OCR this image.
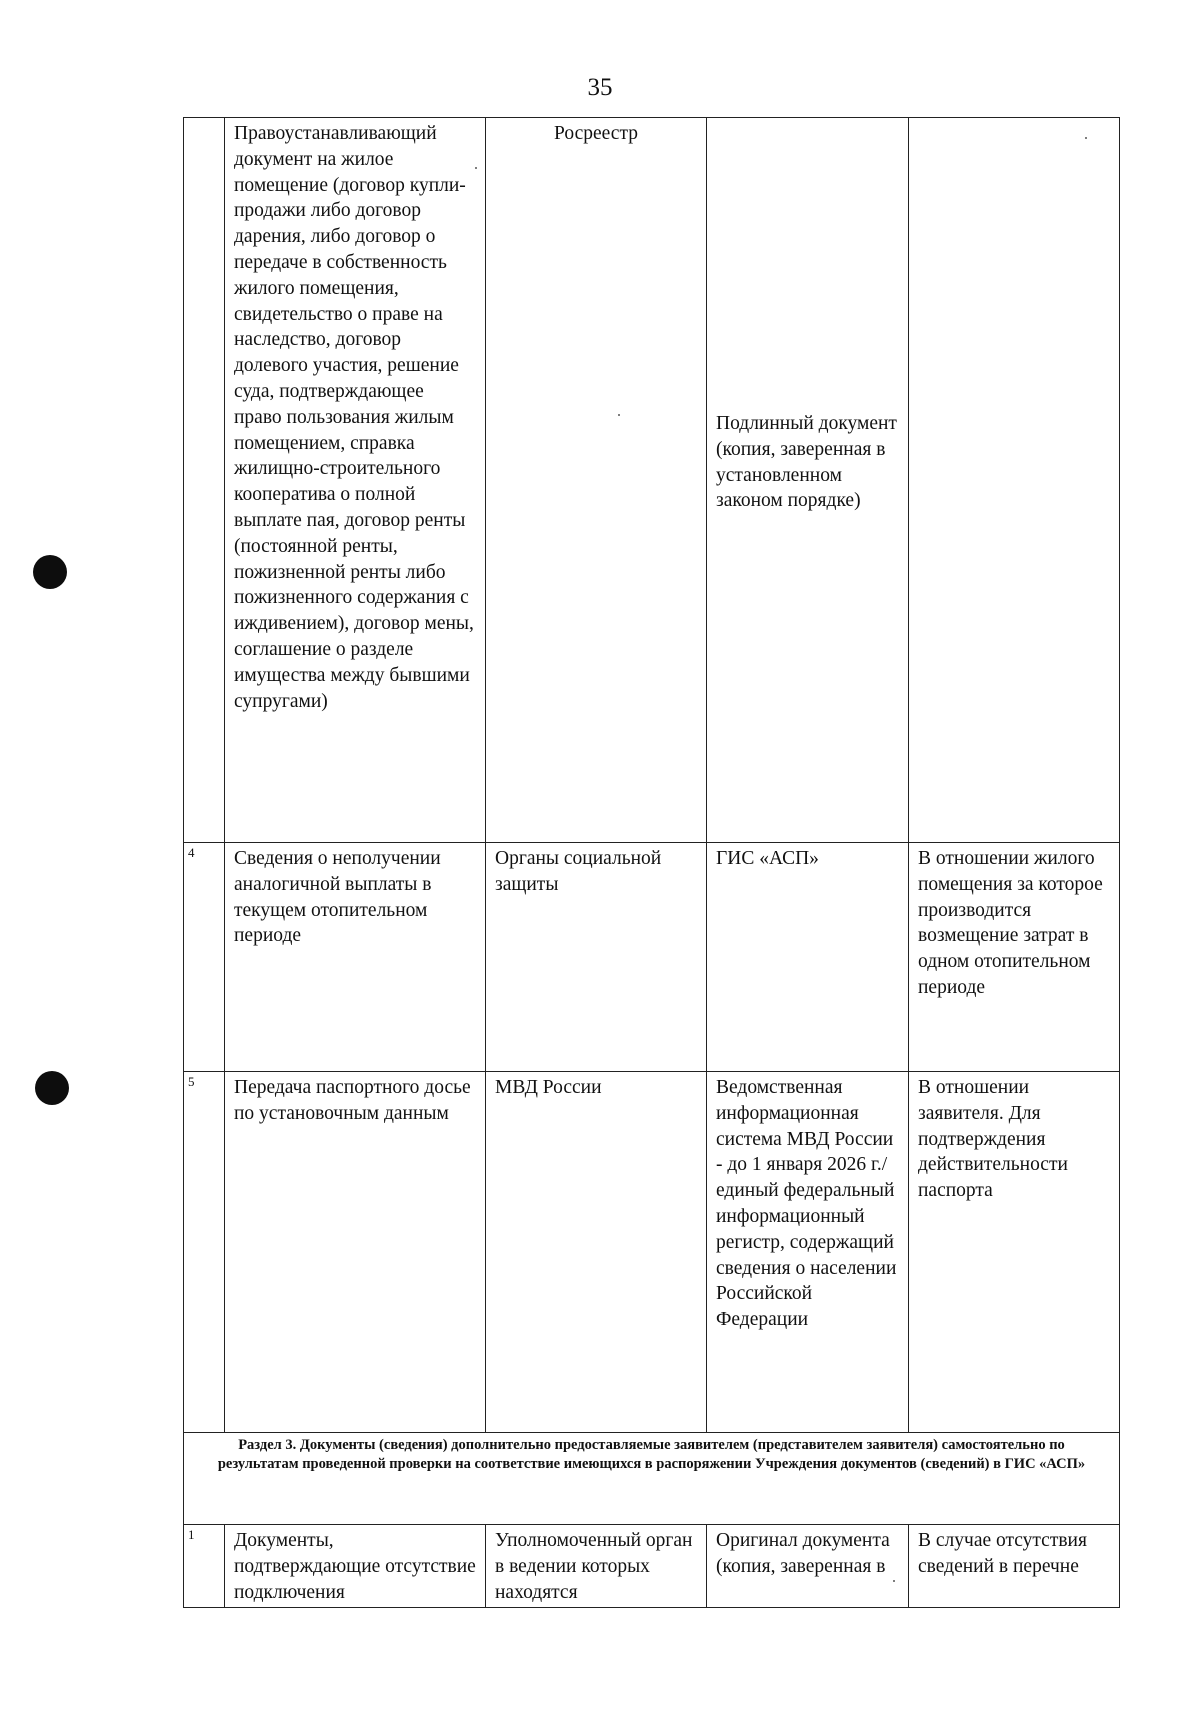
35
	Правоустанавливающий документ на жилое помещение (договор купли-продажи либо договор дарения, либо договор о передаче в собственность жилого помещения, свидетельство о праве на наследство, договор долевого участия, решение суда, подтверждающее право пользования жилым помещением, справка жилищно-строительного кооператива о полной выплате пая, договор ренты (постоянной ренты, пожизненной ренты либо пожизненного содержания с иждивением), договор мены, соглашение о разделе имущества между бывшими супругами)	Росреестр	Подлинный документ (копия, заверенная в установленном законом порядке)	

4	Сведения о неполучении аналогичной выплаты в текущем отопительном периоде	Органы социальной защиты	ГИС «АСП»	В отношении жилого помещения за которое производится возмещение затрат в одном отопительном периоде
5	Передача паспортного досье по установочным данным	МВД России	Ведомственная информационная система МВД России - до 1 января 2026 г./единый федеральный информационный регистр, содержащий сведения о населении Российской Федерации	В отношении заявителя. Для подтверждения действительности паспорта
Раздел 3. Документы (сведения) дополнительно предоставляемые заявителем (представителем заявителя) самостоятельно по результатам проведенной проверки на соответствие имеющихся в распоряжении Учреждения документов (сведений) в ГИС «АСП»				
1	Документы, подтверждающие отсутствие подключения	Уполномоченный орган в ведении которых находятся	Оригинал документа (копия, заверенная в	В случае отсутствия сведений в перечне
